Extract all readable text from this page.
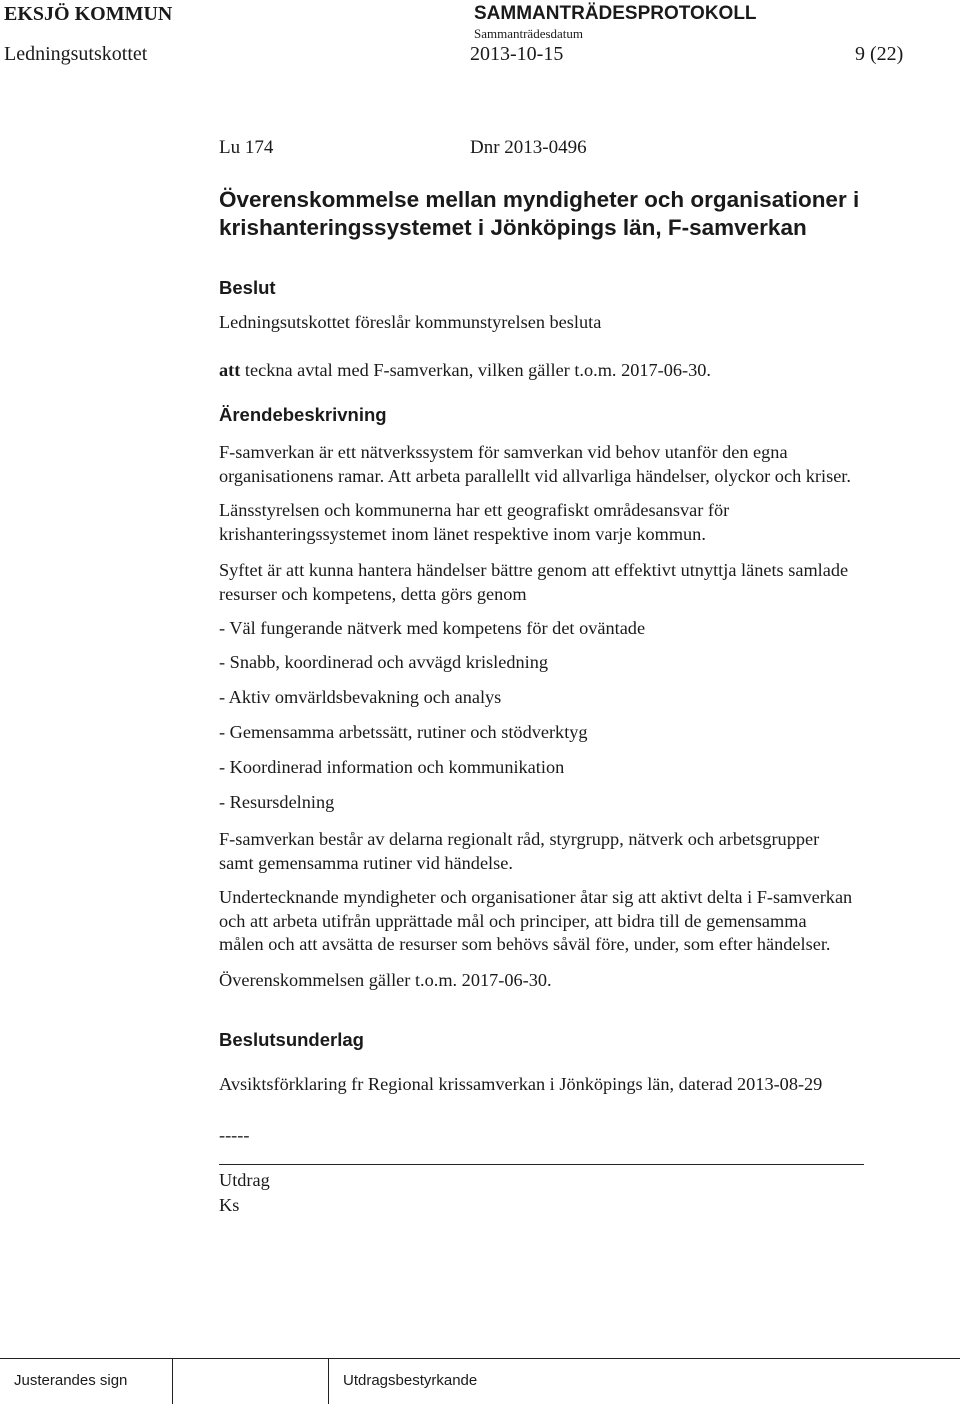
EKSJÖ KOMMUN	SAMMANTRÄDESPROTOKOLL
Sammanträdesdatum
Ledningsutskottet	2013-10-15	9 (22)
Lu 174	Dnr 2013-0496
Överenskommelse mellan myndigheter och organisationer i
krishanteringssystemet i Jönköpings län, F-samverkan
Beslut
Ledningsutskottet föreslår kommunstyrelsen besluta
att teckna avtal med F-samverkan, vilken gäller t.o.m. 2017-06-30.
Ärendebeskrivning
F-samverkan är ett nätverkssystem för samverkan vid behov utanför den egna
organisationens ramar. Att arbeta parallellt vid allvarliga händelser, olyckor och kriser.
Länsstyrelsen och kommunerna har ett geografiskt områdesansvar för
krishanteringssystemet inom länet respektive inom varje kommun.
Syftet är att kunna hantera händelser bättre genom att effektivt utnyttja länets samlade
resurser och kompetens, detta görs genom
- Väl fungerande nätverk med kompetens för det oväntade
- Snabb, koordinerad och avvägd krisledning
- Aktiv omvärldsbevakning och analys
- Gemensamma arbetssätt, rutiner och stödverktyg
- Koordinerad information och kommunikation
- Resursdelning
F-samverkan består av delarna regionalt råd, styrgrupp, nätverk och arbetsgrupper
samt gemensamma rutiner vid händelse.
Undertecknande myndigheter och organisationer åtar sig att aktivt delta i F-samverkan
och att arbeta utifrån upprättade mål och principer, att bidra till de gemensamma
målen och att avsätta de resurser som behövs såväl före, under, som efter händelser.
Överenskommelsen gäller t.o.m. 2017-06-30.
Beslutsunderlag
Avsiktsförklaring fr Regional krissamverkan i Jönköpings län, daterad 2013-08-29
-----
Utdrag
Ks
Justerandes sign	Utdragsbestyrkande
